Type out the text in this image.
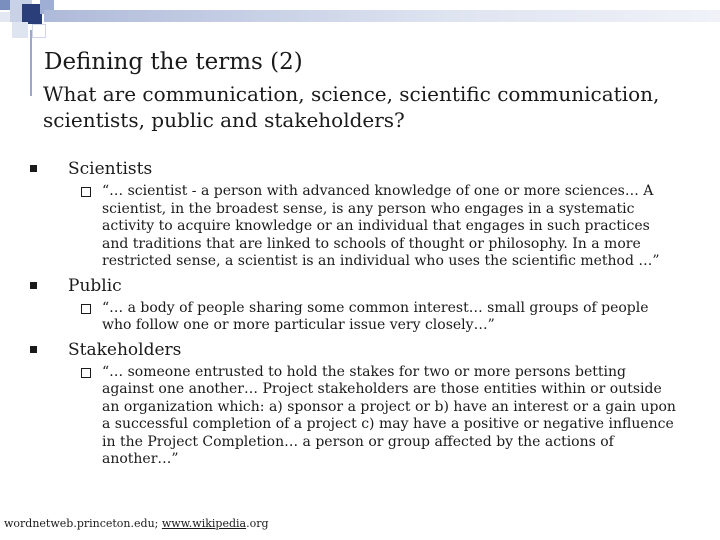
Defining the terms (2)
What are communication, science, scientific communication, scientists, public and stakeholders?
Scientists
“… scientist - a person with advanced knowledge of one or more sciences… A scientist, in the broadest sense, is any person who engages in a systematic activity to acquire knowledge or an individual that engages in such practices and traditions that are linked to schools of thought or philosophy. In a more restricted sense, a scientist is an individual who uses the scientific method …”
Public
“… a body of people sharing some common interest… small groups of people who follow one or more particular issue very closely…”
Stakeholders
“… someone entrusted to hold the stakes for two or more persons betting against one another… Project stakeholders are those entities within or outside an organization which: a) sponsor a project or b) have an interest or a gain upon a successful completion of a project c) may have a positive or negative influence in the Project Completion… a person or group affected by the actions of another…”
wordnetweb.princeton.edu; www.wikipedia.org
